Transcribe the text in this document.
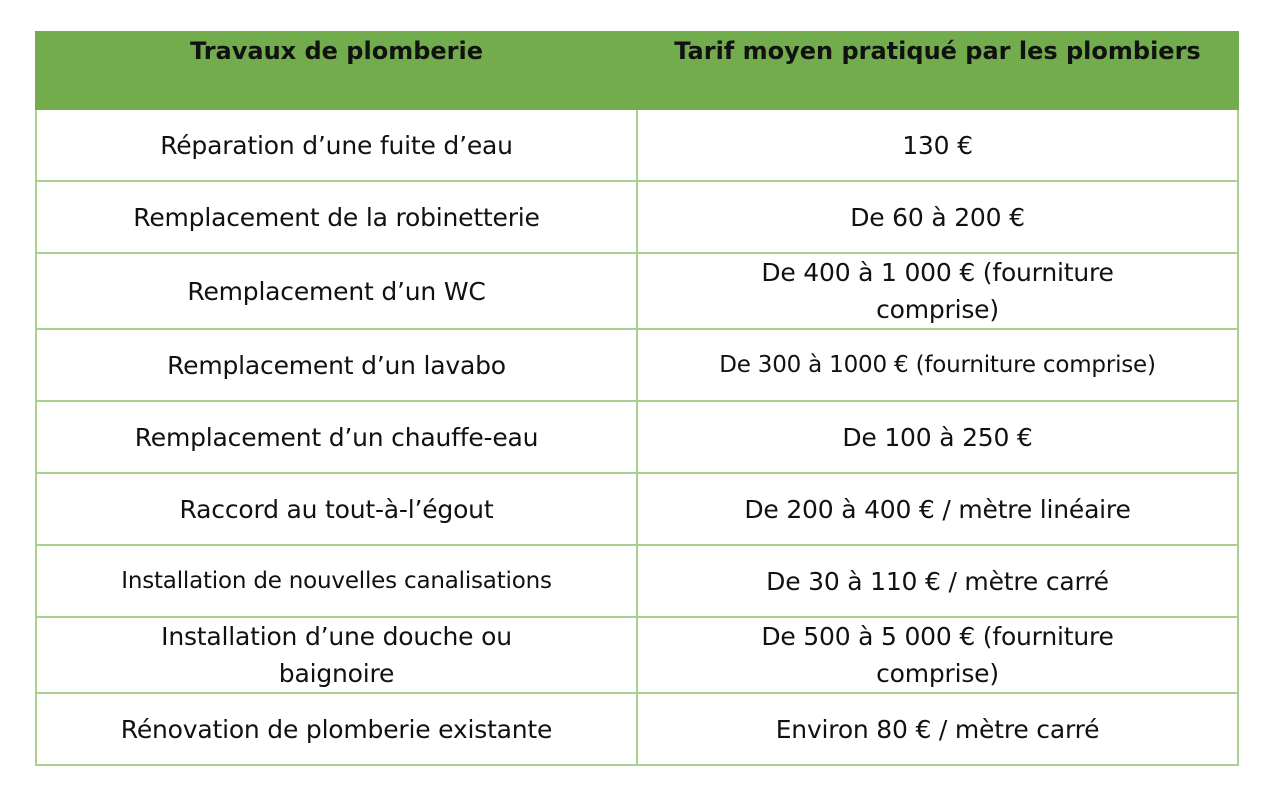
Travaux de plomberie	Tarif moyen pratiqué par les plombiers
Réparation d’une fuite d’eau	130 €
Remplacement de la robinetterie	De 60 à 200 €
Remplacement d’un WC	De 400 à 1 000 € (fourniture comprise)
Remplacement d’un lavabo	De 300 à 1000 € (fourniture comprise)
Remplacement d’un chauffe-eau	De 100 à 250 €
Raccord au tout-à-l’égout	De 200 à 400 € / mètre linéaire
Installation de nouvelles canalisations	De 30 à 110 € / mètre carré
Installation d’une douche ou baignoire	De 500 à 5 000 € (fourniture comprise)
Rénovation de plomberie existante	Environ 80 € / mètre carré
